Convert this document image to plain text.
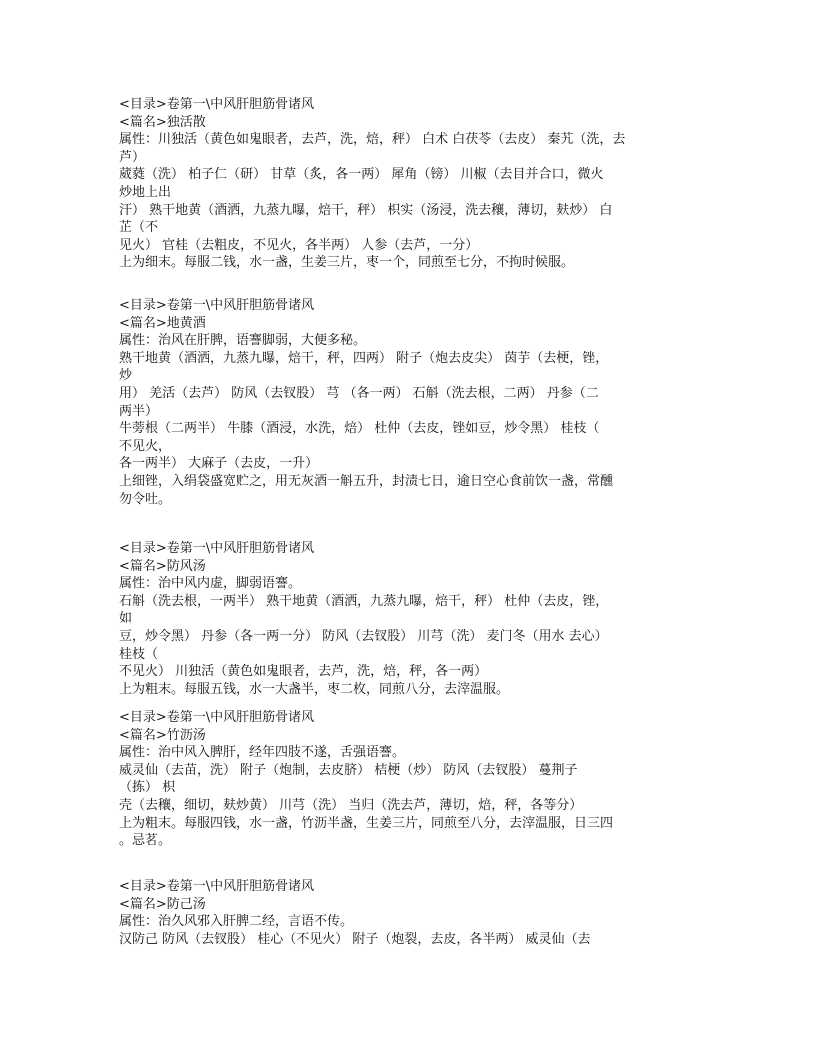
<目录>卷第一\中风肝胆筋骨诸风
<篇名>独活散
属性：川独活（黄色如鬼眼者，去芦，洗，焙，秤） 白术 白茯苓（去皮） 秦艽（洗，去
芦）
葳蕤（洗） 柏子仁（研） 甘草（炙，各一两） 犀角（镑） 川椒（去目并合口，微火
炒地上出
汗） 熟干地黄（酒洒，九蒸九曝，焙干，秤） 枳实（汤浸，洗去穰，薄切，麸炒） 白
芷（不
见火） 官桂（去粗皮，不见火，各半两） 人参（去芦，一分）
上为细末。每服二钱，水一盏，生姜三片，枣一个，同煎至七分，不拘时候服。
<目录>卷第一\中风肝胆筋骨诸风
<篇名>地黄酒
属性：治风在肝脾，语謇脚弱，大便多秘。
熟干地黄（酒洒，九蒸九曝，焙干，秤，四两） 附子（炮去皮尖） 茵芋（去梗，锉，
炒
用） 羌活（去芦） 防风（去钗股） 芎 （各一两） 石斛（洗去根，二两） 丹参（二
两半）
牛蒡根（二两半） 牛膝（酒浸，水洗，焙） 杜仲（去皮，锉如豆，炒令黑） 桂枝（
不见火，
各一两半） 大麻子（去皮，一升）
上细锉，入绢袋盛宽贮之，用无灰酒一斛五升，封渍七日，逾日空心食前饮一盏，常醺
勿令吐。
<目录>卷第一\中风肝胆筋骨诸风
<篇名>防风汤
属性：治中风内虚，脚弱语謇。
石斛（洗去根，一两半） 熟干地黄（酒洒，九蒸九曝，焙干，秤） 杜仲（去皮，锉，
如
豆，炒令黑） 丹参（各一两一分） 防风（去钗股） 川芎（洗） 麦门冬（用水 去心）
桂枝（
不见火） 川独活（黄色如鬼眼者，去芦，洗，焙，秤，各一两）
上为粗末。每服五钱，水一大盏半，枣二枚，同煎八分，去滓温服。
<目录>卷第一\中风肝胆筋骨诸风
<篇名>竹沥汤
属性：治中风入脾肝，经年四肢不遂，舌强语謇。
威灵仙（去苗，洗） 附子（炮制，去皮脐） 桔梗（炒） 防风（去钗股） 蔓荆子
（拣） 枳
壳（去穰，细切，麸炒黄） 川芎（洗） 当归（洗去芦，薄切，焙，秤，各等分）
上为粗末。每服四钱，水一盏，竹沥半盏，生姜三片，同煎至八分，去滓温服，日三四
。忌茗。
<目录>卷第一\中风肝胆筋骨诸风
<篇名>防己汤
属性：治久风邪入肝脾二经，言语不传。
汉防己 防风（去钗股） 桂心（不见火） 附子（炮裂，去皮，各半两） 威灵仙（去
